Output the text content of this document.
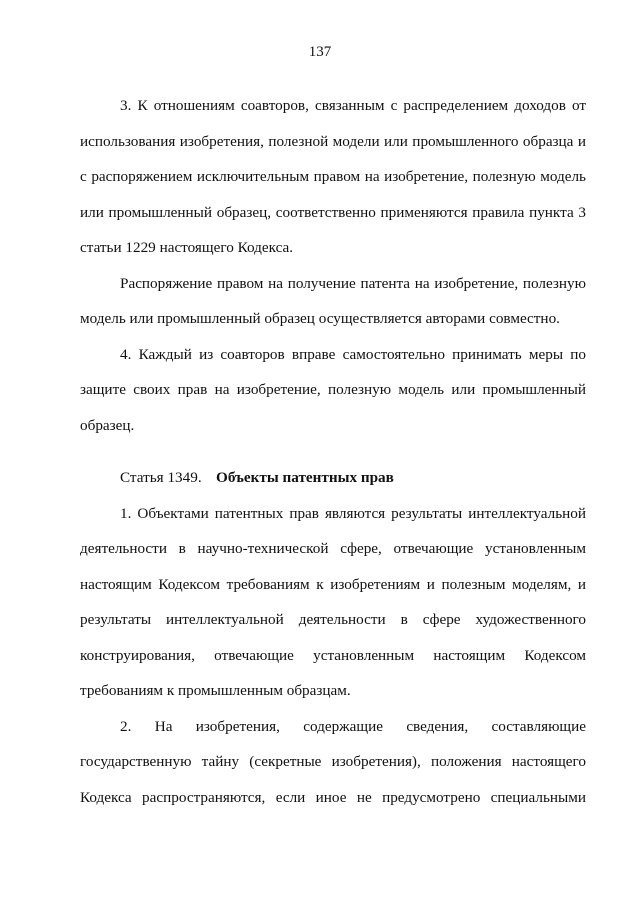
137
3. К отношениям соавторов, связанным с распределением доходов от
использования изобретения, полезной модели или промышленного образца и
с распоряжением исключительным правом на изобретение, полезную модель
или промышленный образец, соответственно применяются правила пункта 3
статьи 1229 настоящего Кодекса.
Распоряжение правом на получение патента на изобретение, полезную
модель или промышленный образец осуществляется авторами совместно.
4. Каждый из соавторов вправе самостоятельно принимать меры по
защите своих прав на изобретение, полезную модель или промышленный
образец.
Статья 1349. Объекты патентных прав
1. Объектами патентных прав являются результаты интеллектуальной
деятельности в научно-технической сфере, отвечающие установленным
настоящим Кодексом требованиям к изобретениям и полезным моделям, и
результаты интеллектуальной деятельности в сфере художественного
конструирования, отвечающие установленным настоящим Кодексом
требованиям к промышленным образцам.
2. На изобретения, содержащие сведения, составляющие
государственную тайну (секретные изобретения), положения настоящего
Кодекса распространяются, если иное не предусмотрено специальными
